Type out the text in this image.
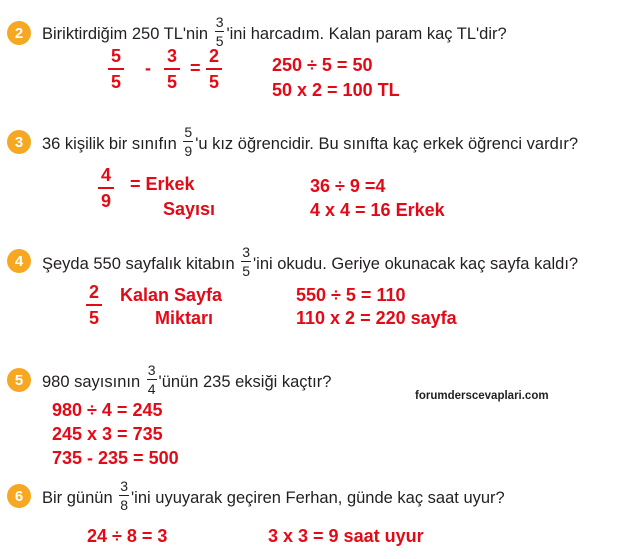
2 Biriktirdiğim 250 $TL'nin \frac{3}{5}$ 'ini harcadım. Kalan param kaç TL'dir?
$\frac{5}{5} - \frac{3}{5} = \frac{2}{5}$	250 ÷ 5 = 50
50 x 2 = 100 TL
3 36 kişilik bir sınıfın $\frac{5}{9}$ 'u kız öğrencidir. Bu sınıfta kaç erkek öğrenci vardır?
$\frac{4}{9}$ = Erkek
Sayısı
36 ÷ 9 =4
4 x 4 = 16 Erkek
4 Şeyda 550 sayfalık kitabın $\frac{3}{5}$ 'ini okudu. Geriye okunacak kaç sayfa kaldı?
$\frac{2}{5}$ Kalan Sayfa
Miktarı
550 ÷ 5 = 110
110 x 2 = 220 sayfa
5 980 sayısının $\frac{3}{4}$ 'ünün 235 eksiği kaçtır?
forumderscevaplari.com
980 ÷ 4 = 245
245 x 3 = 735
735 - 235 = 500
6 Bir günün $\frac{3}{8}$ 'ini uyuyarak geçiren Ferhan, günde kaç saat uyur?
24 ÷ 8 = 3	3 x 3 = 9 saat uyur
